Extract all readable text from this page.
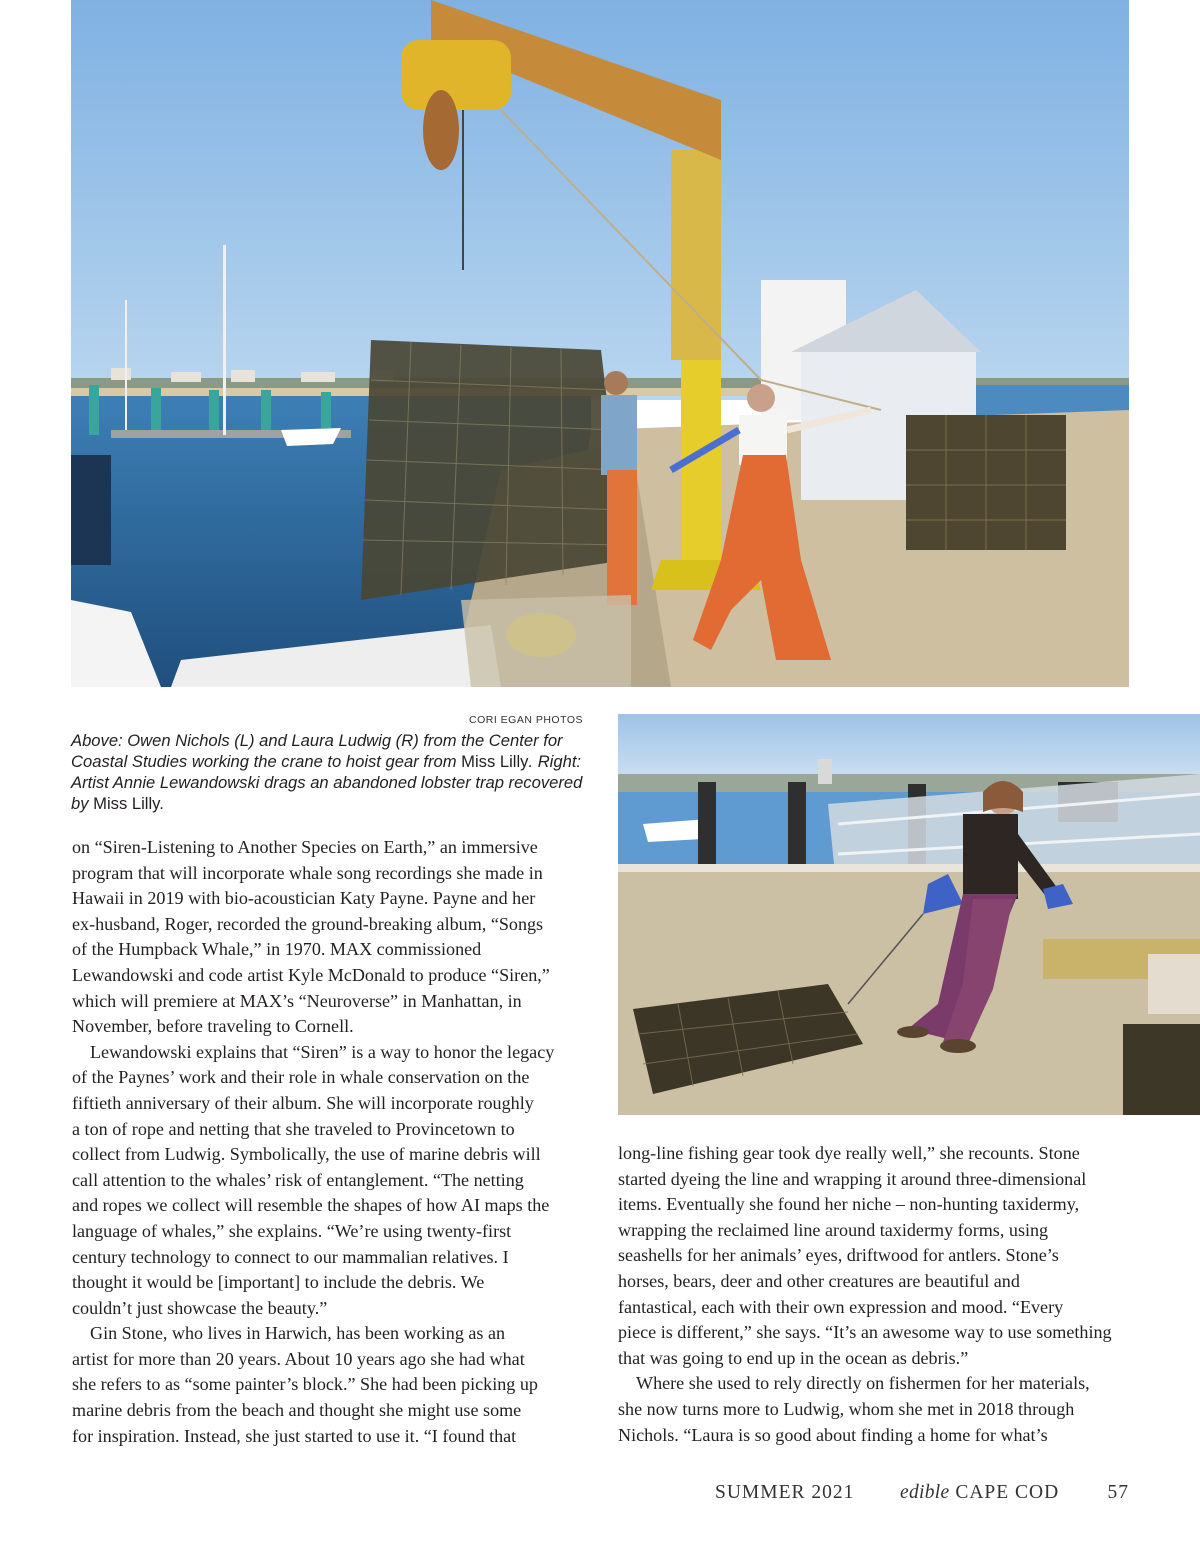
CORI EGAN PHOTOS
Above: Owen Nichols (L) and Laura Ludwig (R) from the Center for Coastal Studies working the crane to hoist gear from Miss Lilly. Right: Artist Annie Lewandowski drags an abandoned lobster trap recovered by Miss Lilly.

on “Siren-Listening to Another Species on Earth,” an immersive
program that will incorporate whale song recordings she made in
Hawaii in 2019 with bio-acoustician Katy Payne. Payne and her
ex-husband, Roger, recorded the ground-breaking album, “Songs
of the Humpback Whale,” in 1970. MAX commissioned
Lewandowski and code artist Kyle McDonald to produce “Siren,”
which will premiere at MAX’s “Neuroverse” in Manhattan, in
November, before traveling to Cornell.

Lewandowski explains that “Siren” is a way to honor the legacy
of the Paynes’ work and their role in whale conservation on the
fiftieth anniversary of their album. She will incorporate roughly
a ton of rope and netting that she traveled to Provincetown to
collect from Ludwig. Symbolically, the use of marine debris will
call attention to the whales’ risk of entanglement. “The netting
and ropes we collect will resemble the shapes of how AI maps the
language of whales,” she explains. “We’re using twenty-first
century technology to connect to our mammalian relatives. I
thought it would be [important] to include the debris. We
couldn’t just showcase the beauty.”

Gin Stone, who lives in Harwich, has been working as an
artist for more than 20 years. About 10 years ago she had what
she refers to as “some painter’s block.” She had been picking up
marine debris from the beach and thought she might use some
for inspiration. Instead, she just started to use it. “I found that

long-line fishing gear took dye really well,” she recounts. Stone
started dyeing the line and wrapping it around three-dimensional
items. Eventually she found her niche – non-hunting taxidermy,
wrapping the reclaimed line around taxidermy forms, using
seashells for her animals’ eyes, driftwood for antlers. Stone’s
horses, bears, deer and other creatures are beautiful and
fantastical, each with their own expression and mood. “Every
piece is different,” she says. “It’s an awesome way to use something
that was going to end up in the ocean as debris.”

Where she used to rely directly on fishermen for her materials,
she now turns more to Ludwig, whom she met in 2018 through
Nichols. “Laura is so good about finding a home for what’s

SUMMER 2021 edible CAPE COD 57
